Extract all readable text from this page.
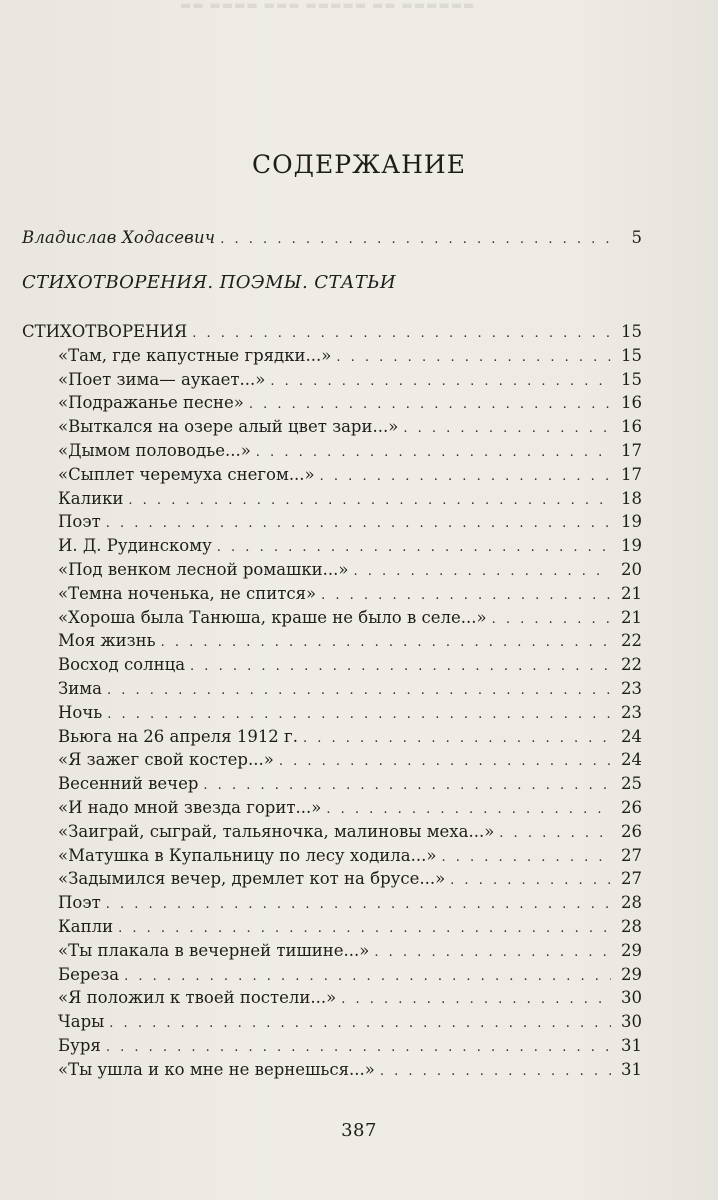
▬▬ ▬▬▬▬ ▬▬▬ ▬▬▬▬▬ ▬▬ ▬▬▬▬▬▬
СОДЕРЖАНИЕ
Владислав Ходасевич . . .	5
СТИХОТВОРЕНИЯ. ПОЭМЫ. СТАТЬИ
СТИХОТВОРЕНИЯ . . .	15
«Там, где капустные грядки...» . . .	15
«Поет зима— аукает...» . . .	15
«Подражанье песне» . . .	16
«Выткался на озере алый цвет зари...» . . .	16
«Дымом половодье...» . . .	17
«Сыплет черемуха снегом...» . . .	17
Калики . . .	18
Поэт . . .	19
И. Д. Рудинскому . . .	19
«Под венком лесной ромашки...» . . .	20
«Темна ноченька, не спится» . . .	21
«Хороша была Танюша, краше не было в селе...» . . .	21
Моя жизнь . . .	22
Восход солнца . . .	22
Зима . . .	23
Ночь . . .	23
Вьюга на 26 апреля 1912 г. . . .	24
«Я зажег свой костер...» . . .	24
Весенний вечер . . .	25
«И надо мной звезда горит...» . . .	26
«Заиграй, сыграй, тальяночка, малиновы меха...» . . .	26
«Матушка в Купальницу по лесу ходила...» . . .	27
«Задымился вечер, дремлет кот на брусе...» . . .	27
Поэт . . .	28
Капли . . .	28
«Ты плакала в вечерней тишине...» . . .	29
Береза . . .	29
«Я положил к твоей постели...» . . .	30
Чары . . .	30
Буря . . .	31
«Ты ушла и ко мне не вернешься...» . . .	31
387
